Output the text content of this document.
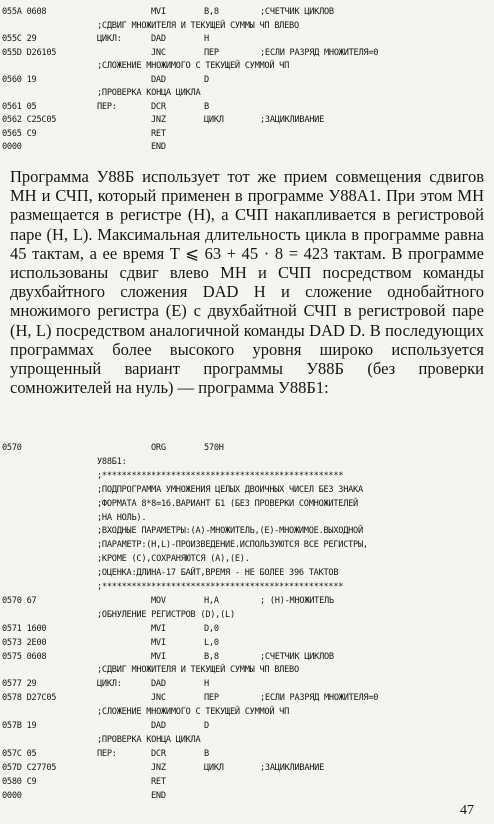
055A 0608	MVI	B,8	;СЧЕТЧИК ЦИКЛОВ
;СДВИГ МНОЖИТЕЛЯ И ТЕКУЩЕЙ СУММЫ ЧП ВЛЕВО
055C 29	ЦИКЛ:	DAD	H
055D D26105	JNC	ПЕР	;ЕСЛИ РАЗРЯД МНОЖИТЕЛЯ=0
;СЛОЖЕНИЕ МНОЖИМОГО С ТЕКУЩЕЙ СУММОЙ ЧП
0560 19	DAD	D
;ПРОВЕРКА КОНЦА ЦИКЛА
0561 05	ПЕР:	DCR	B
0562 C25C05	JNZ	ЦИКЛ	;ЗАЦИКЛИВАНИЕ
0565 C9	RET
0000	END
Программа У88Б использует тот же прием совмещения сдвигов МН и СЧП, который применен в программе У88А1. При этом МН размещается в регистре (H), а СЧП накапливается в регистровой паре (H, L). Максимальная длительность цикла в программе равна 45 тактам, а ее время T ⩽ 63 + 45 · 8 = 423 тактам. В программе использованы сдвиг влево МН и СЧП посредством команды двухбайтного сложения DAD H и сложение однобайтного множимого регистра (E) с двухбайтной СЧП в регистровой паре (H, L) посредством аналогичной команды DAD D. В последующих программах более высокого уровня широко используется упрощенный вариант программы У88Б (без проверки сомножителей на нуль) — программа У88Б1:
0570	ORG	570H
У88Б1:
;*************************************************
;ПОДПРОГРАММА УМНОЖЕНИЯ ЦЕЛЫХ ДВОИЧНЫХ ЧИСЕЛ БЕЗ ЗНАКА
;ФОРМАТА 8*8=16.ВАРИАНТ Б1 (БЕЗ ПРОВЕРКИ СОМНОЖИТЕЛЕЙ
;НА НОЛЬ).
;ВХОДНЫЕ ПАРАМЕТРЫ:(А)-МНОЖИТЕЛЬ,(Е)-МНОЖИМОЕ.ВЫХОДНОЙ
;ПАРАМЕТР:(H,L)-ПРОИЗВЕДЕНИЕ.ИСПОЛЬЗУЮТСЯ ВСЕ РЕГИСТРЫ,
;КРОМЕ (С),СОХРАНЯЮТСЯ (А),(Е).
;ОЦЕНКА:ДЛИНА-17 БАЙТ,ВРЕМЯ - НЕ БОЛЕЕ 396 ТАКТОВ
;*************************************************
0570 67	MOV	H,A	; (H)-МНОЖИТЕЛЬ
;ОБНУЛЕНИЕ РЕГИСТРОВ (D),(L)
0571 1600	MVI	D,0
0573 2E00	MVI	L,0
0575 0608	MVI	B,8	;СЧЕТЧИК ЦИКЛОВ
;СДВИГ МНОЖИТЕЛЯ И ТЕКУЩЕЙ СУММЫ ЧП ВЛЕВО
0577 29	ЦИКЛ:	DAD	H
0578 D27C05	JNC	ПЕР	;ЕСЛИ РАЗРЯД МНОЖИТЕЛЯ=0
;СЛОЖЕНИЕ МНОЖИМОГО С ТЕКУЩЕЙ СУММОЙ ЧП
057B 19	DAD	D
;ПРОВЕРКА КОНЦА ЦИКЛА
057C 05	ПЕР:	DCR	B
057D C27705	JNZ	ЦИКЛ	;ЗАЦИКЛИВАНИЕ
0580 C9	RET
0000	END
47
